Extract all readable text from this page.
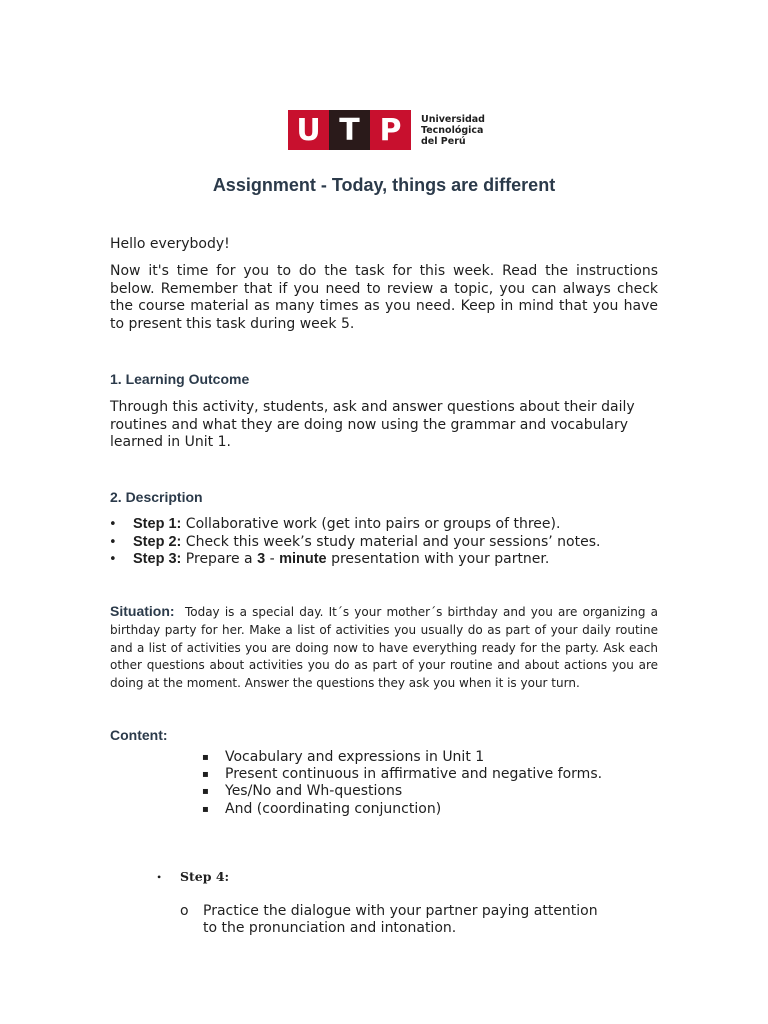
U T P	Universidad
Tecnológica
del Perú
Assignment - Today, things are different
Hello everybody!
Now it's time for you to do the task for this week. Read the instructions below. Remember that if you need to review a topic, you can always check the course material as many times as you need. Keep in mind that you have to present this task during week 5.
1. Learning Outcome
Through this activity, students, ask and answer questions about their daily routines and what they are doing now using the grammar and vocabulary learned in Unit 1.
2. Description
• Step 1: Collaborative work (get into pairs or groups of three).
• Step 2: Check this week’s study material and your sessions’ notes.
• Step 3: Prepare a 3 - minute presentation with your partner.
Situation: Today is a special day. It´s your mother´s birthday and you are organizing a birthday party for her. Make a list of activities you usually do as part of your daily routine and a list of activities you are doing now to have everything ready for the party. Ask each other questions about activities you do as part of your routine and about actions you are doing at the moment. Answer the questions they ask you when it is your turn.
Content:
▪ Vocabulary and expressions in Unit 1
▪ Present continuous in affirmative and negative forms.
▪ Yes/No and Wh-questions
▪ And (coordinating conjunction)
• Step 4:
o Practice the dialogue with your partner paying attention to the pronunciation and intonation.
